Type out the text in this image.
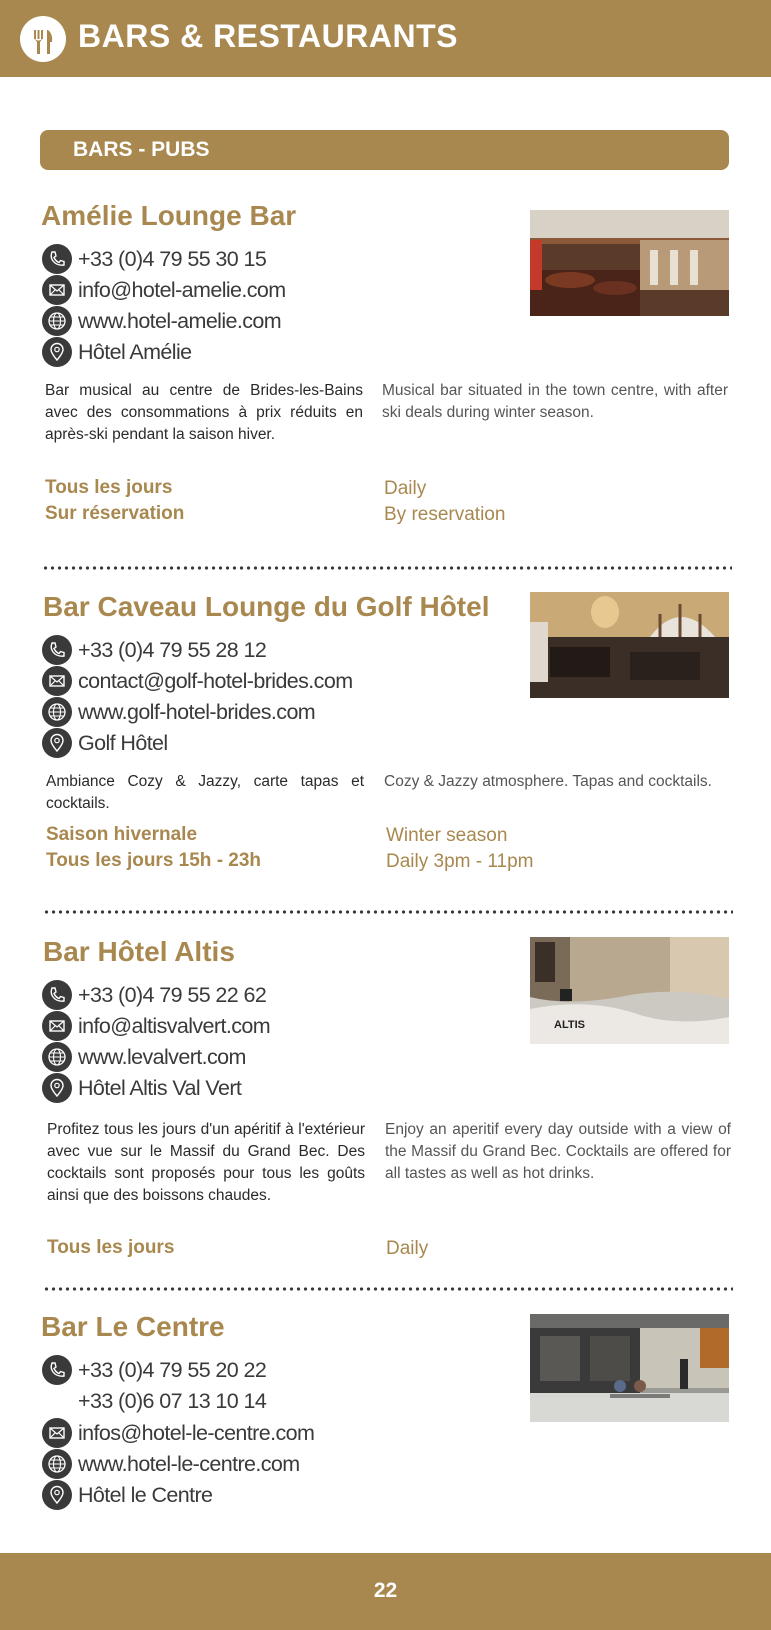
BARS & RESTAURANTS
BARS - PUBS
Amélie Lounge Bar
+33 (0)4 79 55 30 15
info@hotel-amelie.com
www.hotel-amelie.com
Hôtel Amélie
Bar musical au centre de Brides-les-Bains avec des consommations à prix réduits en après-ski pendant la saison hiver.
Musical bar situated in the town centre, with after ski deals during winter season.
Tous les jours
Sur réservation
Daily
By reservation
Bar Caveau Lounge du Golf Hôtel
+33 (0)4 79 55 28 12
contact@golf-hotel-brides.com
www.golf-hotel-brides.com
Golf Hôtel
Ambiance Cozy & Jazzy, carte tapas et cocktails.
Cozy & Jazzy atmosphere. Tapas and cocktails.
Saison hivernale
Tous les jours 15h - 23h
Winter season
Daily 3pm - 11pm
Bar Hôtel Altis
+33 (0)4 79 55 22 62
info@altisvalvert.com
www.levalvert.com
Hôtel Altis Val Vert
ALTIS
Profitez tous les jours d'un apéritif à l'extérieur avec vue sur le Massif du Grand Bec. Des cocktails sont proposés pour tous les goûts ainsi que des boissons chaudes.
Enjoy an aperitif every day outside with a view of the Massif du Grand Bec. Cocktails are offered for all tastes as well as hot drinks.
Tous les jours	Daily
Bar Le Centre
+33 (0)4 79 55 20 22
+33 (0)6 07 13 10 14
infos@hotel-le-centre.com
www.hotel-le-centre.com
Hôtel le Centre
22
